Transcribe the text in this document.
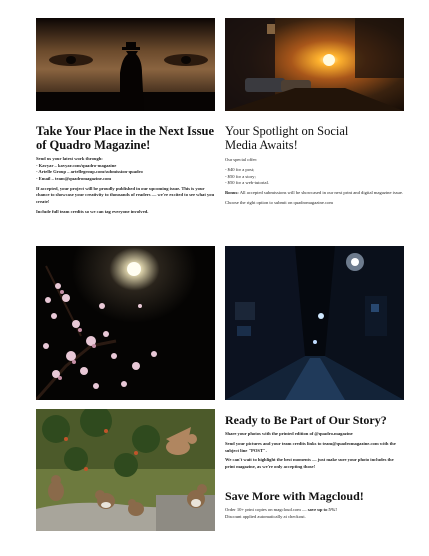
Take Your Place in the Next Issue of Quadro Magazine!
Send us your latest work through:
- Kavyar – kavyar.com/quadro-magazine
- Artelle Group – artellegroup.com/submission-quadro
- Email – team@quadromagazine.com

If accepted, your project will be proudly published in our upcoming issue. This is your chance to showcase your creativity to thousands of readers — we're excited to see what you create!

Include full team credits so we can tag everyone involved.

Your Spotlight on Social Media Awaits!

Our special offer:

- $40 for a post;
- $50 for a story;
- $50 for a web-tutorial.

Bonus: All accepted submissions will be showcased in our next print and digital magazine issue.

Choose the right option to submit on quadromagazine.com

Ready to Be Part of Our Story?

Share your photos with the printed edition of @quadro.magazine

Send your pictures and your team credits links to team@quadromagazine.com with the subject line "POST".

We can't wait to highlight the best moments — just make sure your photo includes the print magazine, as we're only accepting those!

Save More with Magcloud!

Order 10+ print copies on magcloud.com — save up to 5%!
Discount applied automatically at checkout.
